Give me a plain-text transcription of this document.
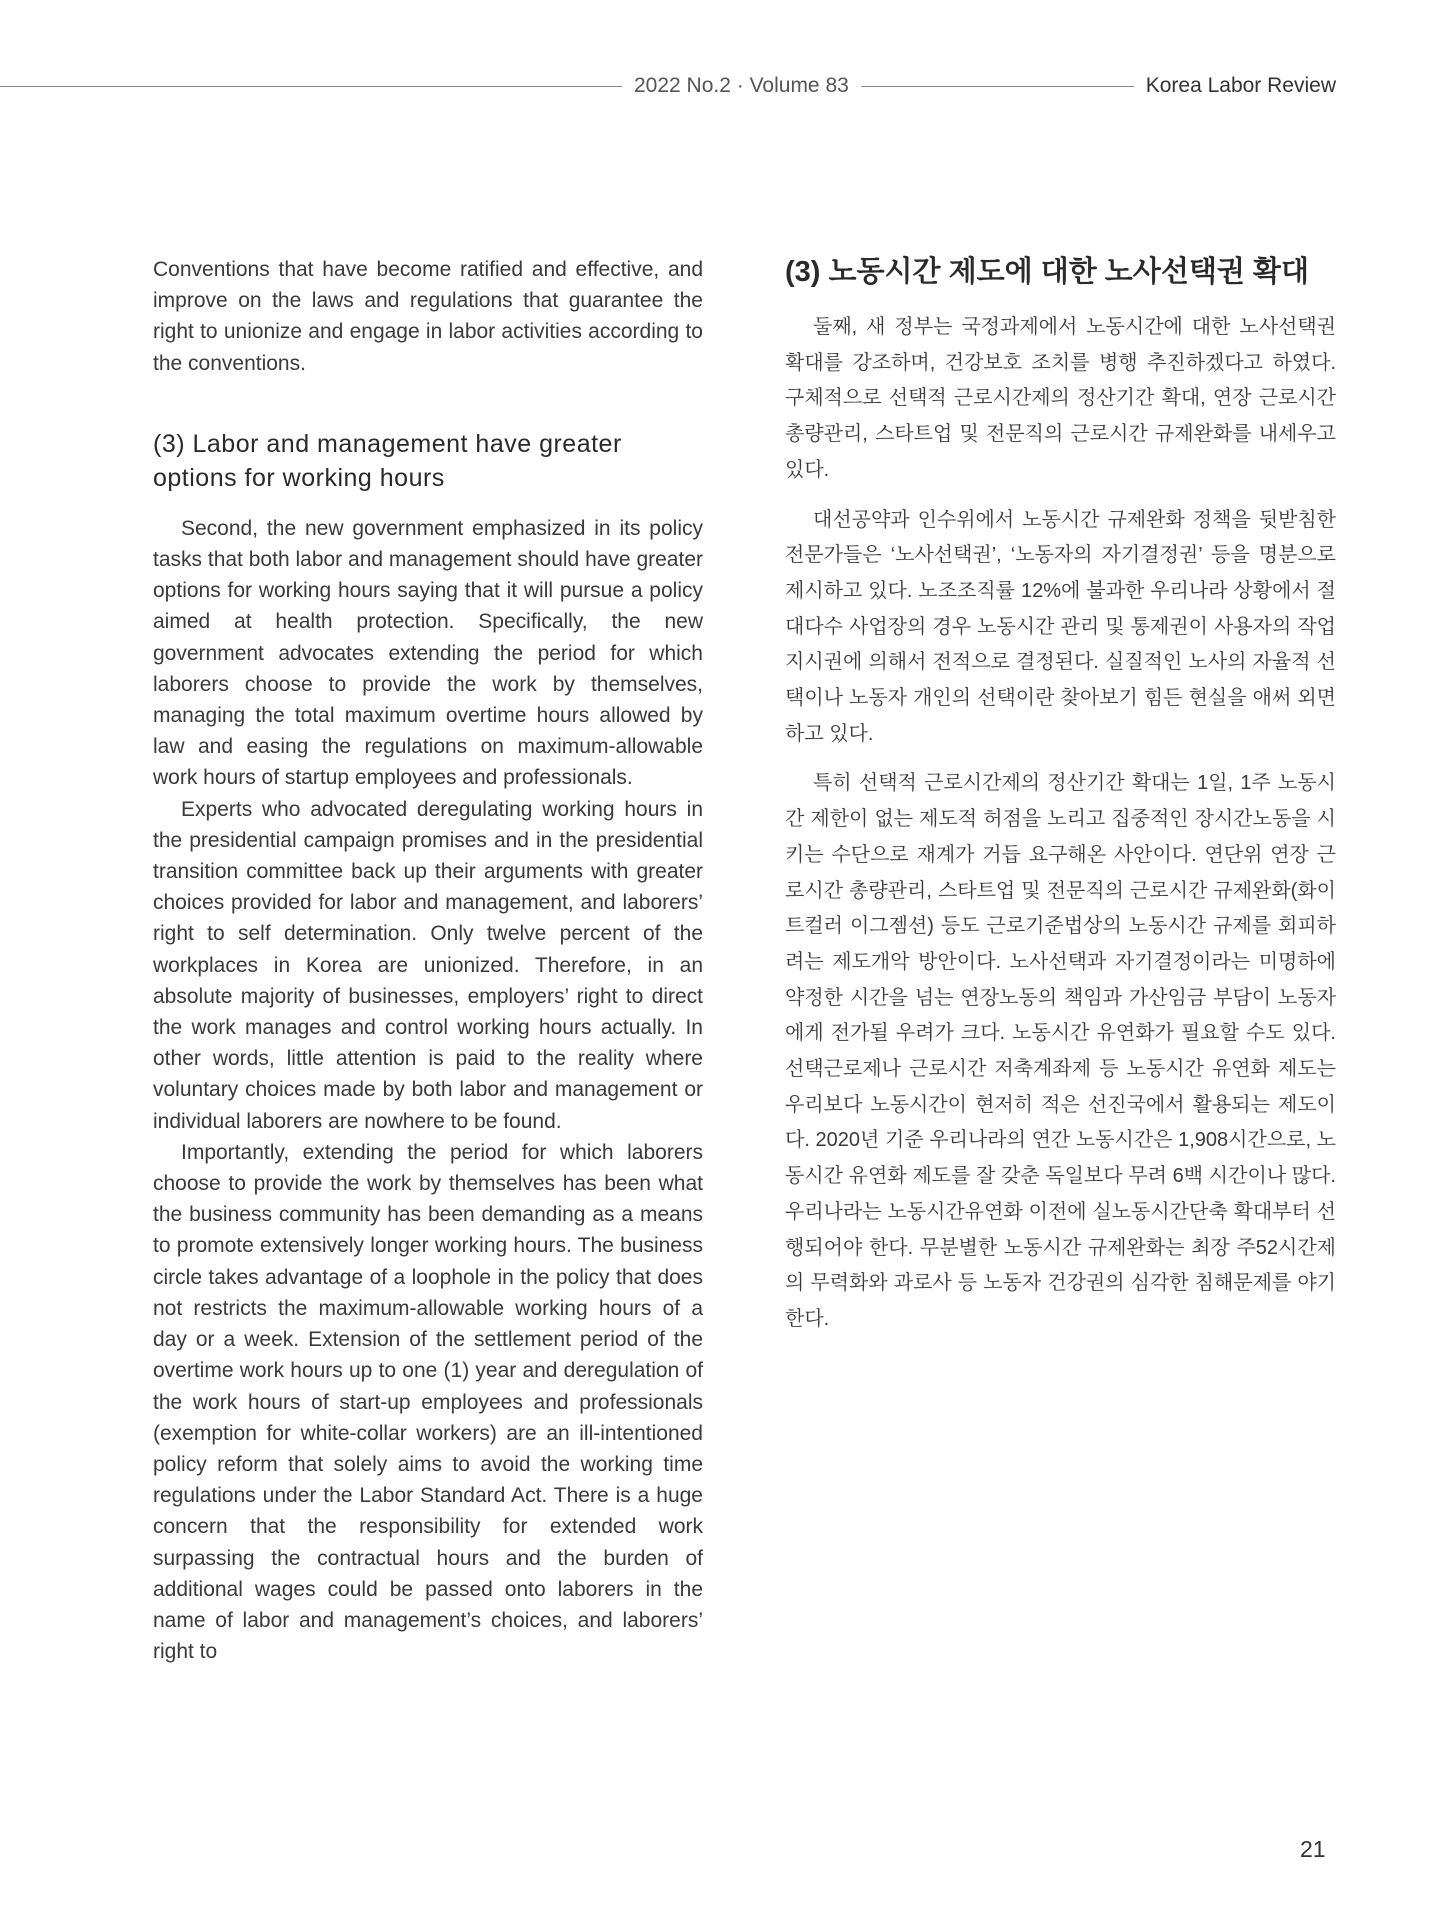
2022 No.2 · Volume 83	Korea Labor Review

Conventions that have become ratified and effective, and improve on the laws and regulations that guarantee the right to unionize and engage in labor activities according to the conventions.

(3) Labor and management have greater options for working hours

Second, the new government emphasized in its policy tasks that both labor and management should have greater options for working hours saying that it will pursue a policy aimed at health protection. Specifically, the new government advocates extending the period for which laborers choose to provide the work by themselves, managing the total maximum overtime hours allowed by law and easing the regulations on maximum-allowable work hours of startup employees and professionals.

Experts who advocated deregulating working hours in the presidential campaign promises and in the presidential transition committee back up their arguments with greater choices provided for labor and management, and laborers’ right to self determination. Only twelve percent of the workplaces in Korea are unionized. Therefore, in an absolute majority of businesses, employers’ right to direct the work manages and control working hours actually. In other words, little attention is paid to the reality where voluntary choices made by both labor and management or individual laborers are nowhere to be found.

Importantly, extending the period for which laborers choose to provide the work by themselves has been what the business community has been demanding as a means to promote extensively longer working hours. The business circle takes advantage of a loophole in the policy that does not restricts the maximum-allowable working hours of a day or a week. Extension of the settlement period of the overtime work hours up to one (1) year and deregulation of the work hours of start-up employees and professionals (exemption for white-collar workers) are an ill-intentioned policy reform that solely aims to avoid the working time regulations under the Labor Standard Act. There is a huge concern that the responsibility for extended work surpassing the contractual hours and the burden of additional wages could be passed onto laborers in the name of labor and management’s choices, and laborers’ right to

(3) 노동시간 제도에 대한 노사선택권 확대

둘째, 새 정부는 국정과제에서 노동시간에 대한 노사선택권 확대를 강조하며, 건강보호 조치를 병행 추진하겠다고 하였다. 구체적으로 선택적 근로시간제의 정산기간 확대, 연장 근로시간 총량관리, 스타트업 및 전문직의 근로시간 규제완화를 내세우고 있다.

대선공약과 인수위에서 노동시간 규제완화 정책을 뒷받침한 전문가들은 ‘노사선택권’, ‘노동자의 자기결정권’ 등을 명분으로 제시하고 있다. 노조조직률 12%에 불과한 우리나라 상황에서 절대다수 사업장의 경우 노동시간 관리 및 통제권이 사용자의 작업지시권에 의해서 전적으로 결정된다. 실질적인 노사의 자율적 선택이나 노동자 개인의 선택이란 찾아보기 힘든 현실을 애써 외면하고 있다.

특히 선택적 근로시간제의 정산기간 확대는 1일, 1주 노동시간 제한이 없는 제도적 허점을 노리고 집중적인 장시간노동을 시키는 수단으로 재계가 거듭 요구해온 사안이다. 연단위 연장 근로시간 총량관리, 스타트업 및 전문직의 근로시간 규제완화(화이트컬러 이그젬션) 등도 근로기준법상의 노동시간 규제를 회피하려는 제도개악 방안이다. 노사선택과 자기결정이라는 미명하에 약정한 시간을 넘는 연장노동의 책임과 가산임금 부담이 노동자에게 전가될 우려가 크다. 노동시간 유연화가 필요할 수도 있다. 선택근로제나 근로시간 저축계좌제 등 노동시간 유연화 제도는 우리보다 노동시간이 현저히 적은 선진국에서 활용되는 제도이다. 2020년 기준 우리나라의 연간 노동시간은 1,908시간으로, 노동시간 유연화 제도를 잘 갖춘 독일보다 무려 6백 시간이나 많다. 우리나라는 노동시간유연화 이전에 실노동시간단축 확대부터 선행되어야 한다. 무분별한 노동시간 규제완화는 최장 주52시간제의 무력화와 과로사 등 노동자 건강권의 심각한 침해문제를 야기한다.

21
